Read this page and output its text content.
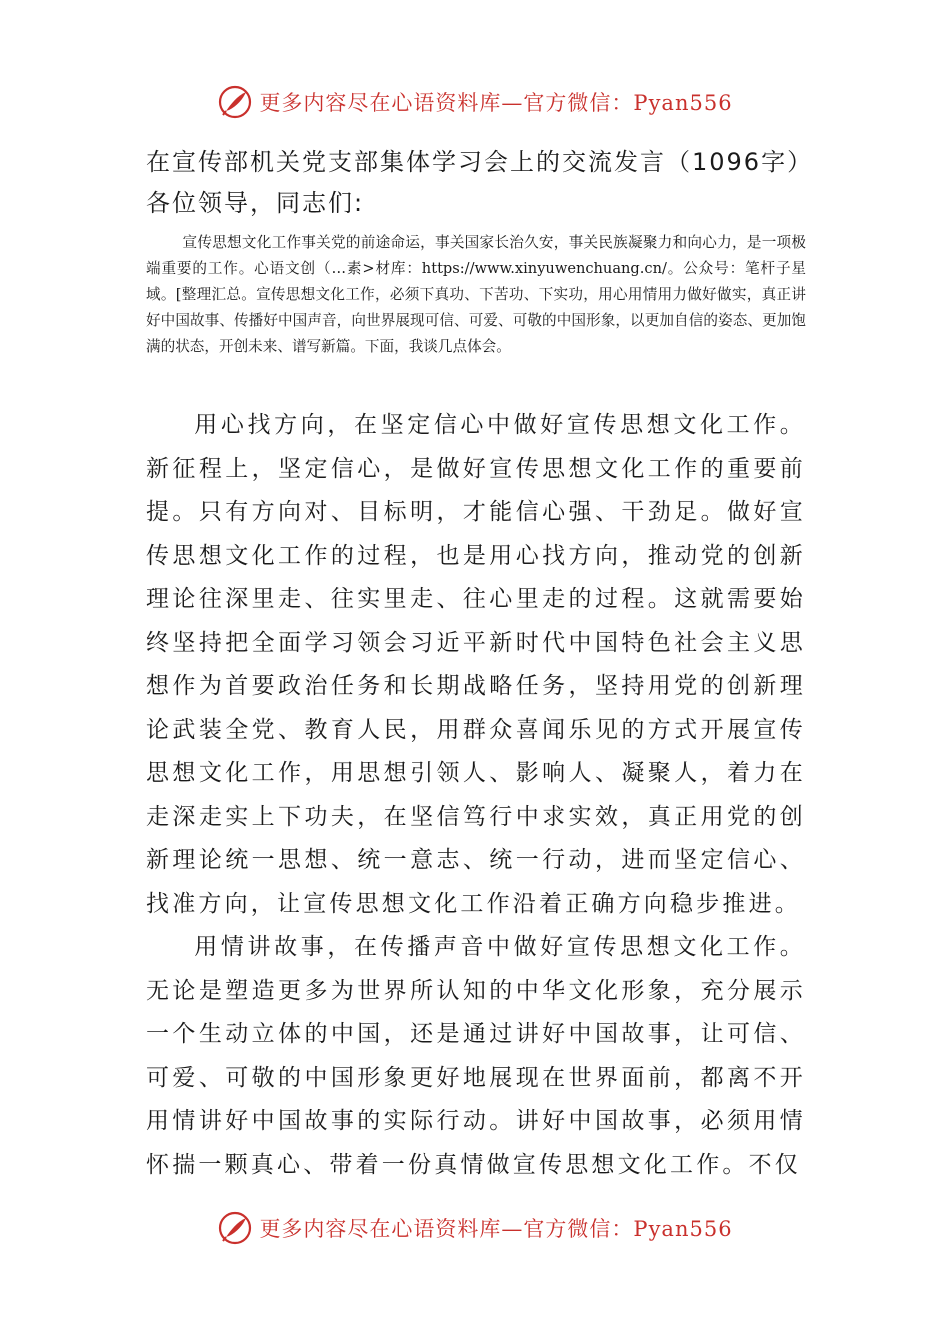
更多内容尽在心语资料库—官方微信：Pyan556
在宣传部机关党支部集体学习会上的交流发言（1096字）
各位领导，同志们:
宣传思想文化工作事关党的前途命运，事关国家长治久安，事关民族凝聚力和向心力，是一项极端重要的工作。心语文创（…素>材库：https://www.xinyuwenchuang.cn/。公众号：笔杆子星域。[整理汇总。宣传思想文化工作，必须下真功、下苦功、下实功，用心用情用力做好做实，真正讲好中国故事、传播好中国声音，向世界展现可信、可爱、可敬的中国形象，以更加自信的姿态、更加饱满的状态，开创未来、谱写新篇。下面，我谈几点体会。
用心找方向，在坚定信心中做好宣传思想文化工作。新征程上，坚定信心，是做好宣传思想文化工作的重要前提。只有方向对、目标明，才能信心强、干劲足。做好宣传思想文化工作的过程，也是用心找方向，推动党的创新理论往深里走、往实里走、往心里走的过程。这就需要始终坚持把全面学习领会习近平新时代中国特色社会主义思想作为首要政治任务和长期战略任务，坚持用党的创新理论武装全党、教育人民，用群众喜闻乐见的方式开展宣传思想文化工作，用思想引领人、影响人、凝聚人，着力在走深走实上下功夫，在坚信笃行中求实效，真正用党的创新理论统一思想、统一意志、统一行动，进而坚定信心、找准方向，让宣传思想文化工作沿着正确方向稳步推进。
用情讲故事，在传播声音中做好宣传思想文化工作。无论是塑造更多为世界所认知的中华文化形象，充分展示一个生动立体的中国，还是通过讲好中国故事，让可信、可爱、可敬的中国形象更好地展现在世界面前，都离不开用情讲好中国故事的实际行动。讲好中国故事，必须用情怀揣一颗真心、带着一份真情做宣传思想文化工作。不仅
更多内容尽在心语资料库—官方微信：Pyan556
